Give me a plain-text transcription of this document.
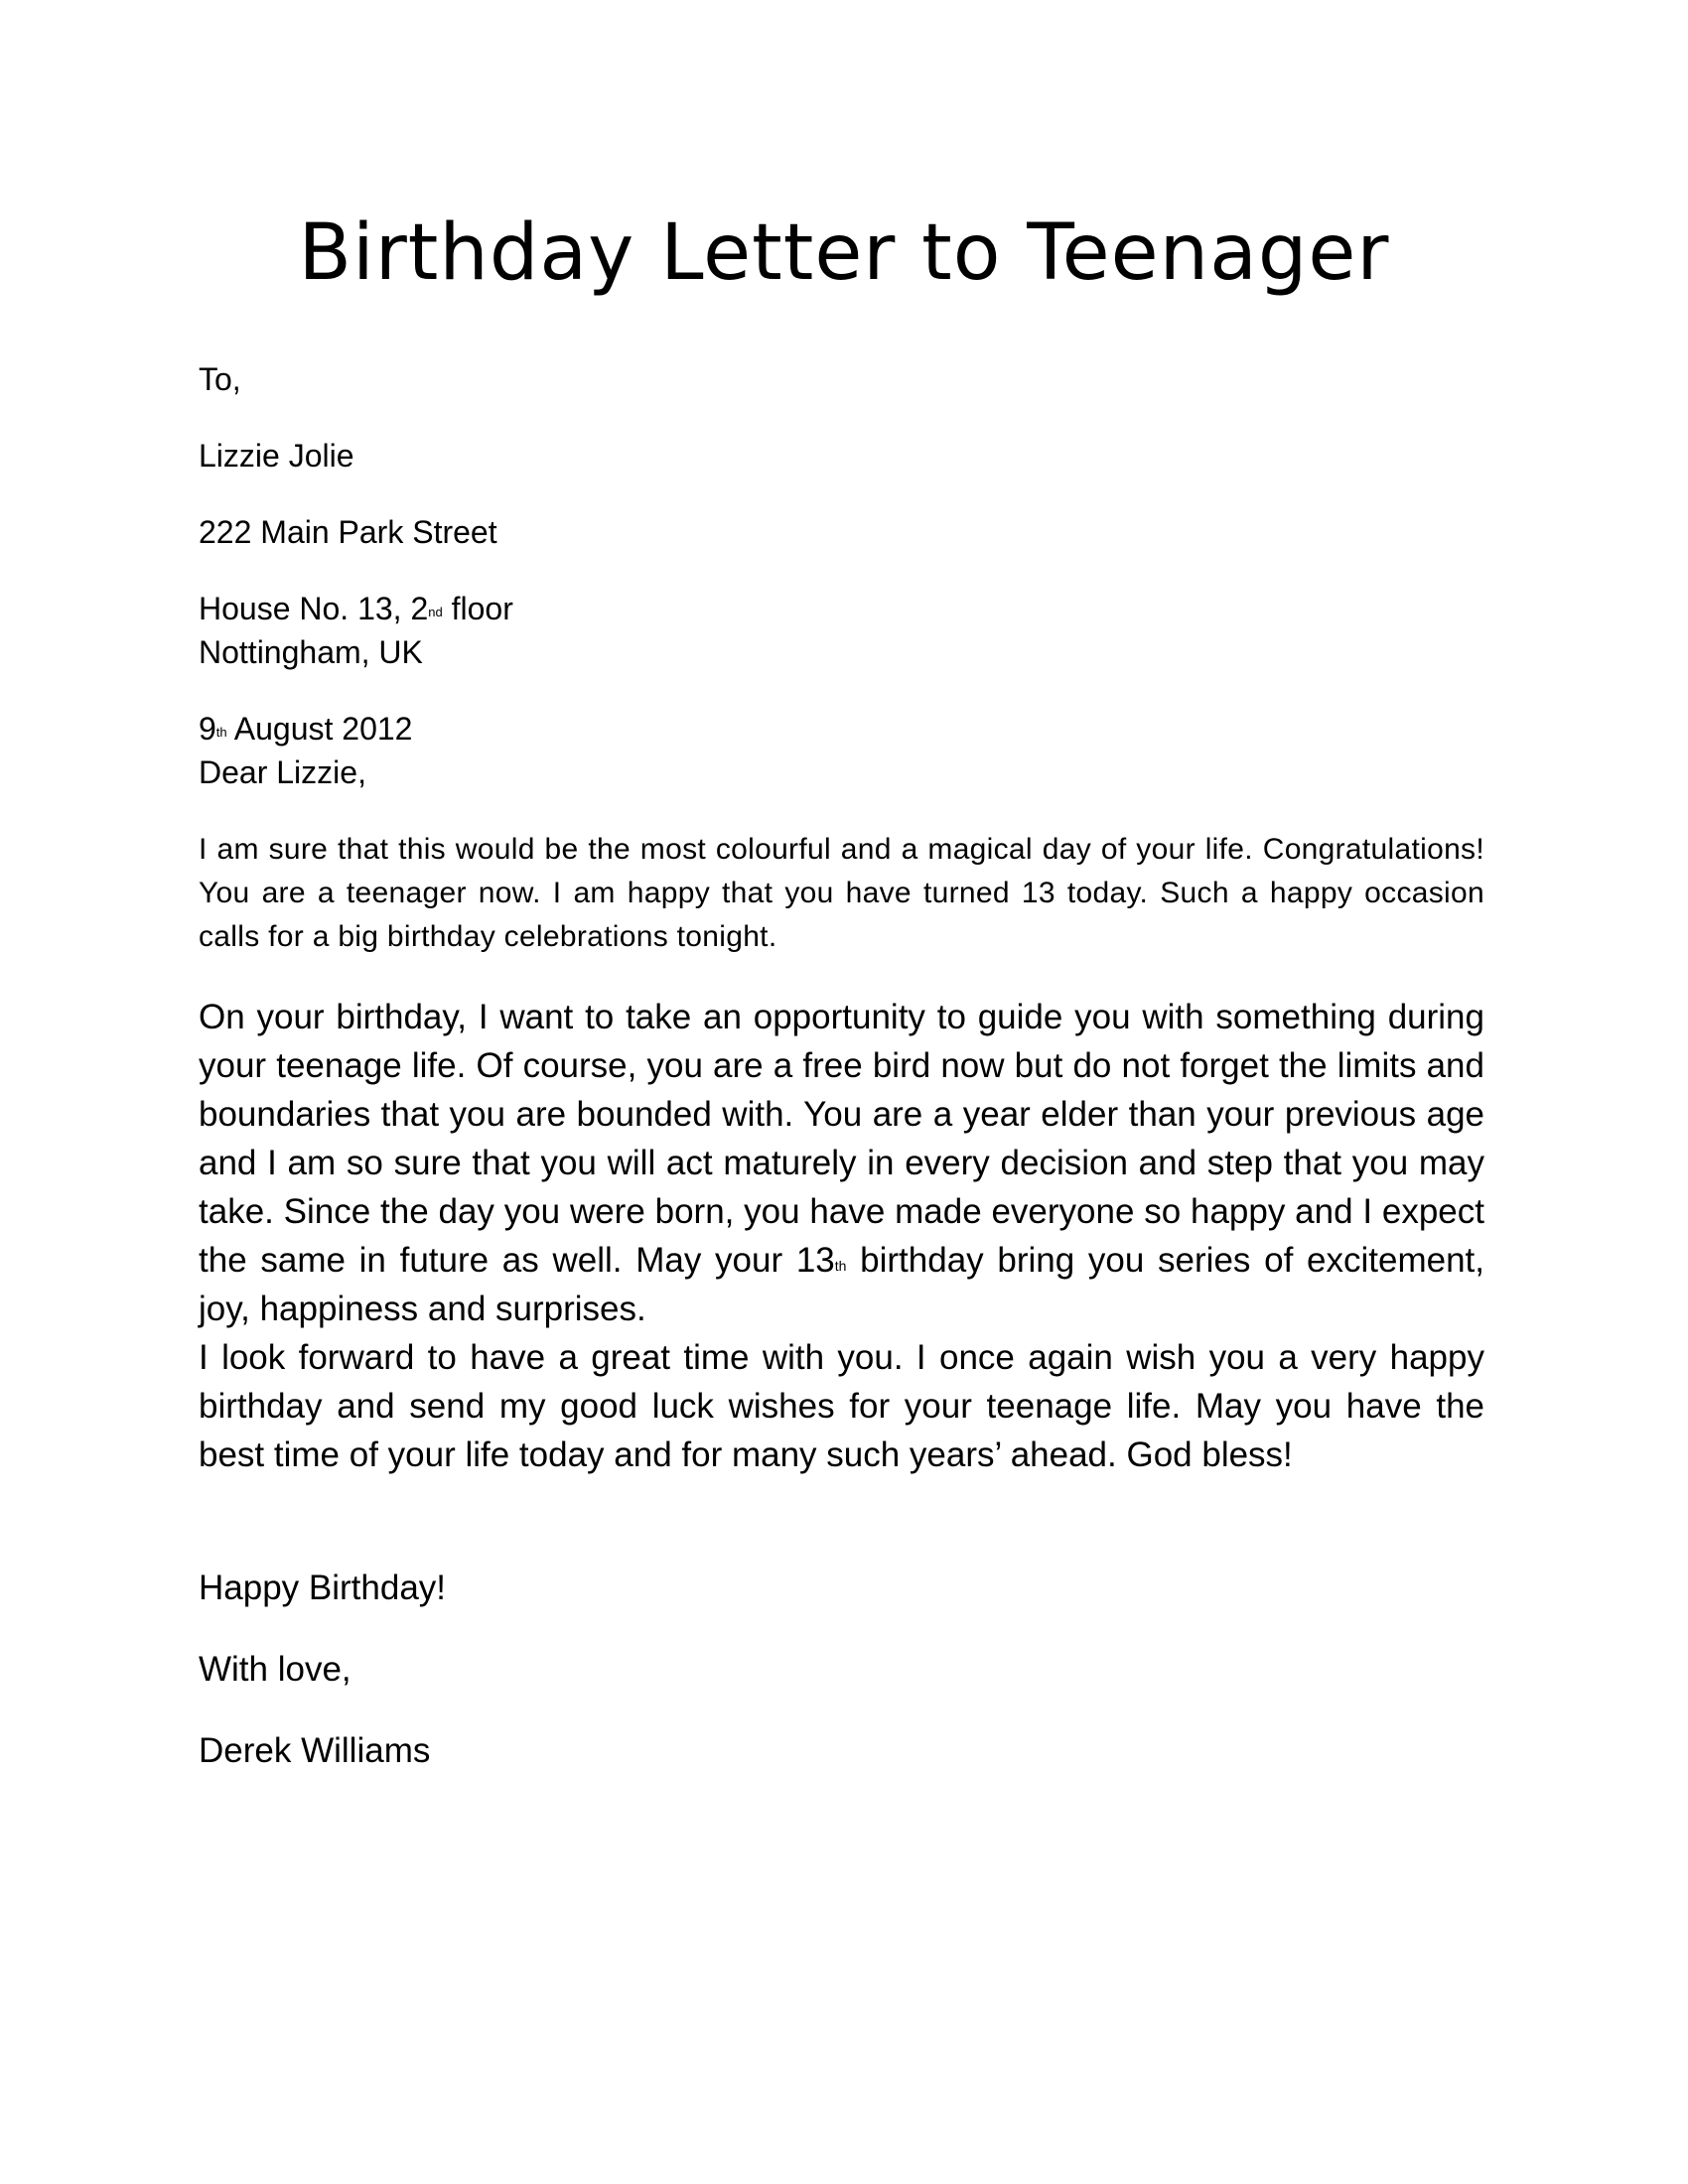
Birthday Letter to Teenager
To,
Lizzie Jolie
222 Main Park Street
House No. 13, 2nd floor
Nottingham, UK
9th August 2012
Dear Lizzie,

I am sure that this would be the most colourful and a magical day of your life. Congratulations! You are a teenager now. I am happy that you have turned 13 today. Such a happy occasion calls for a big birthday celebrations tonight.

On your birthday, I want to take an opportunity to guide you with something during your teenage life. Of course, you are a free bird now but do not forget the limits and boundaries that you are bounded with. You are a year elder than your previous age and I am so sure that you will act maturely in every decision and step that you may take. Since the day you were born, you have made everyone so happy and I expect the same in future as well. May your 13th birthday bring you series of excitement, joy, happiness and surprises.

I look forward to have a great time with you. I once again wish you a very happy birthday and send my good luck wishes for your teenage life. May you have the best time of your life today and for many such years’ ahead. God bless!

Happy Birthday!
With love,
Derek Williams
